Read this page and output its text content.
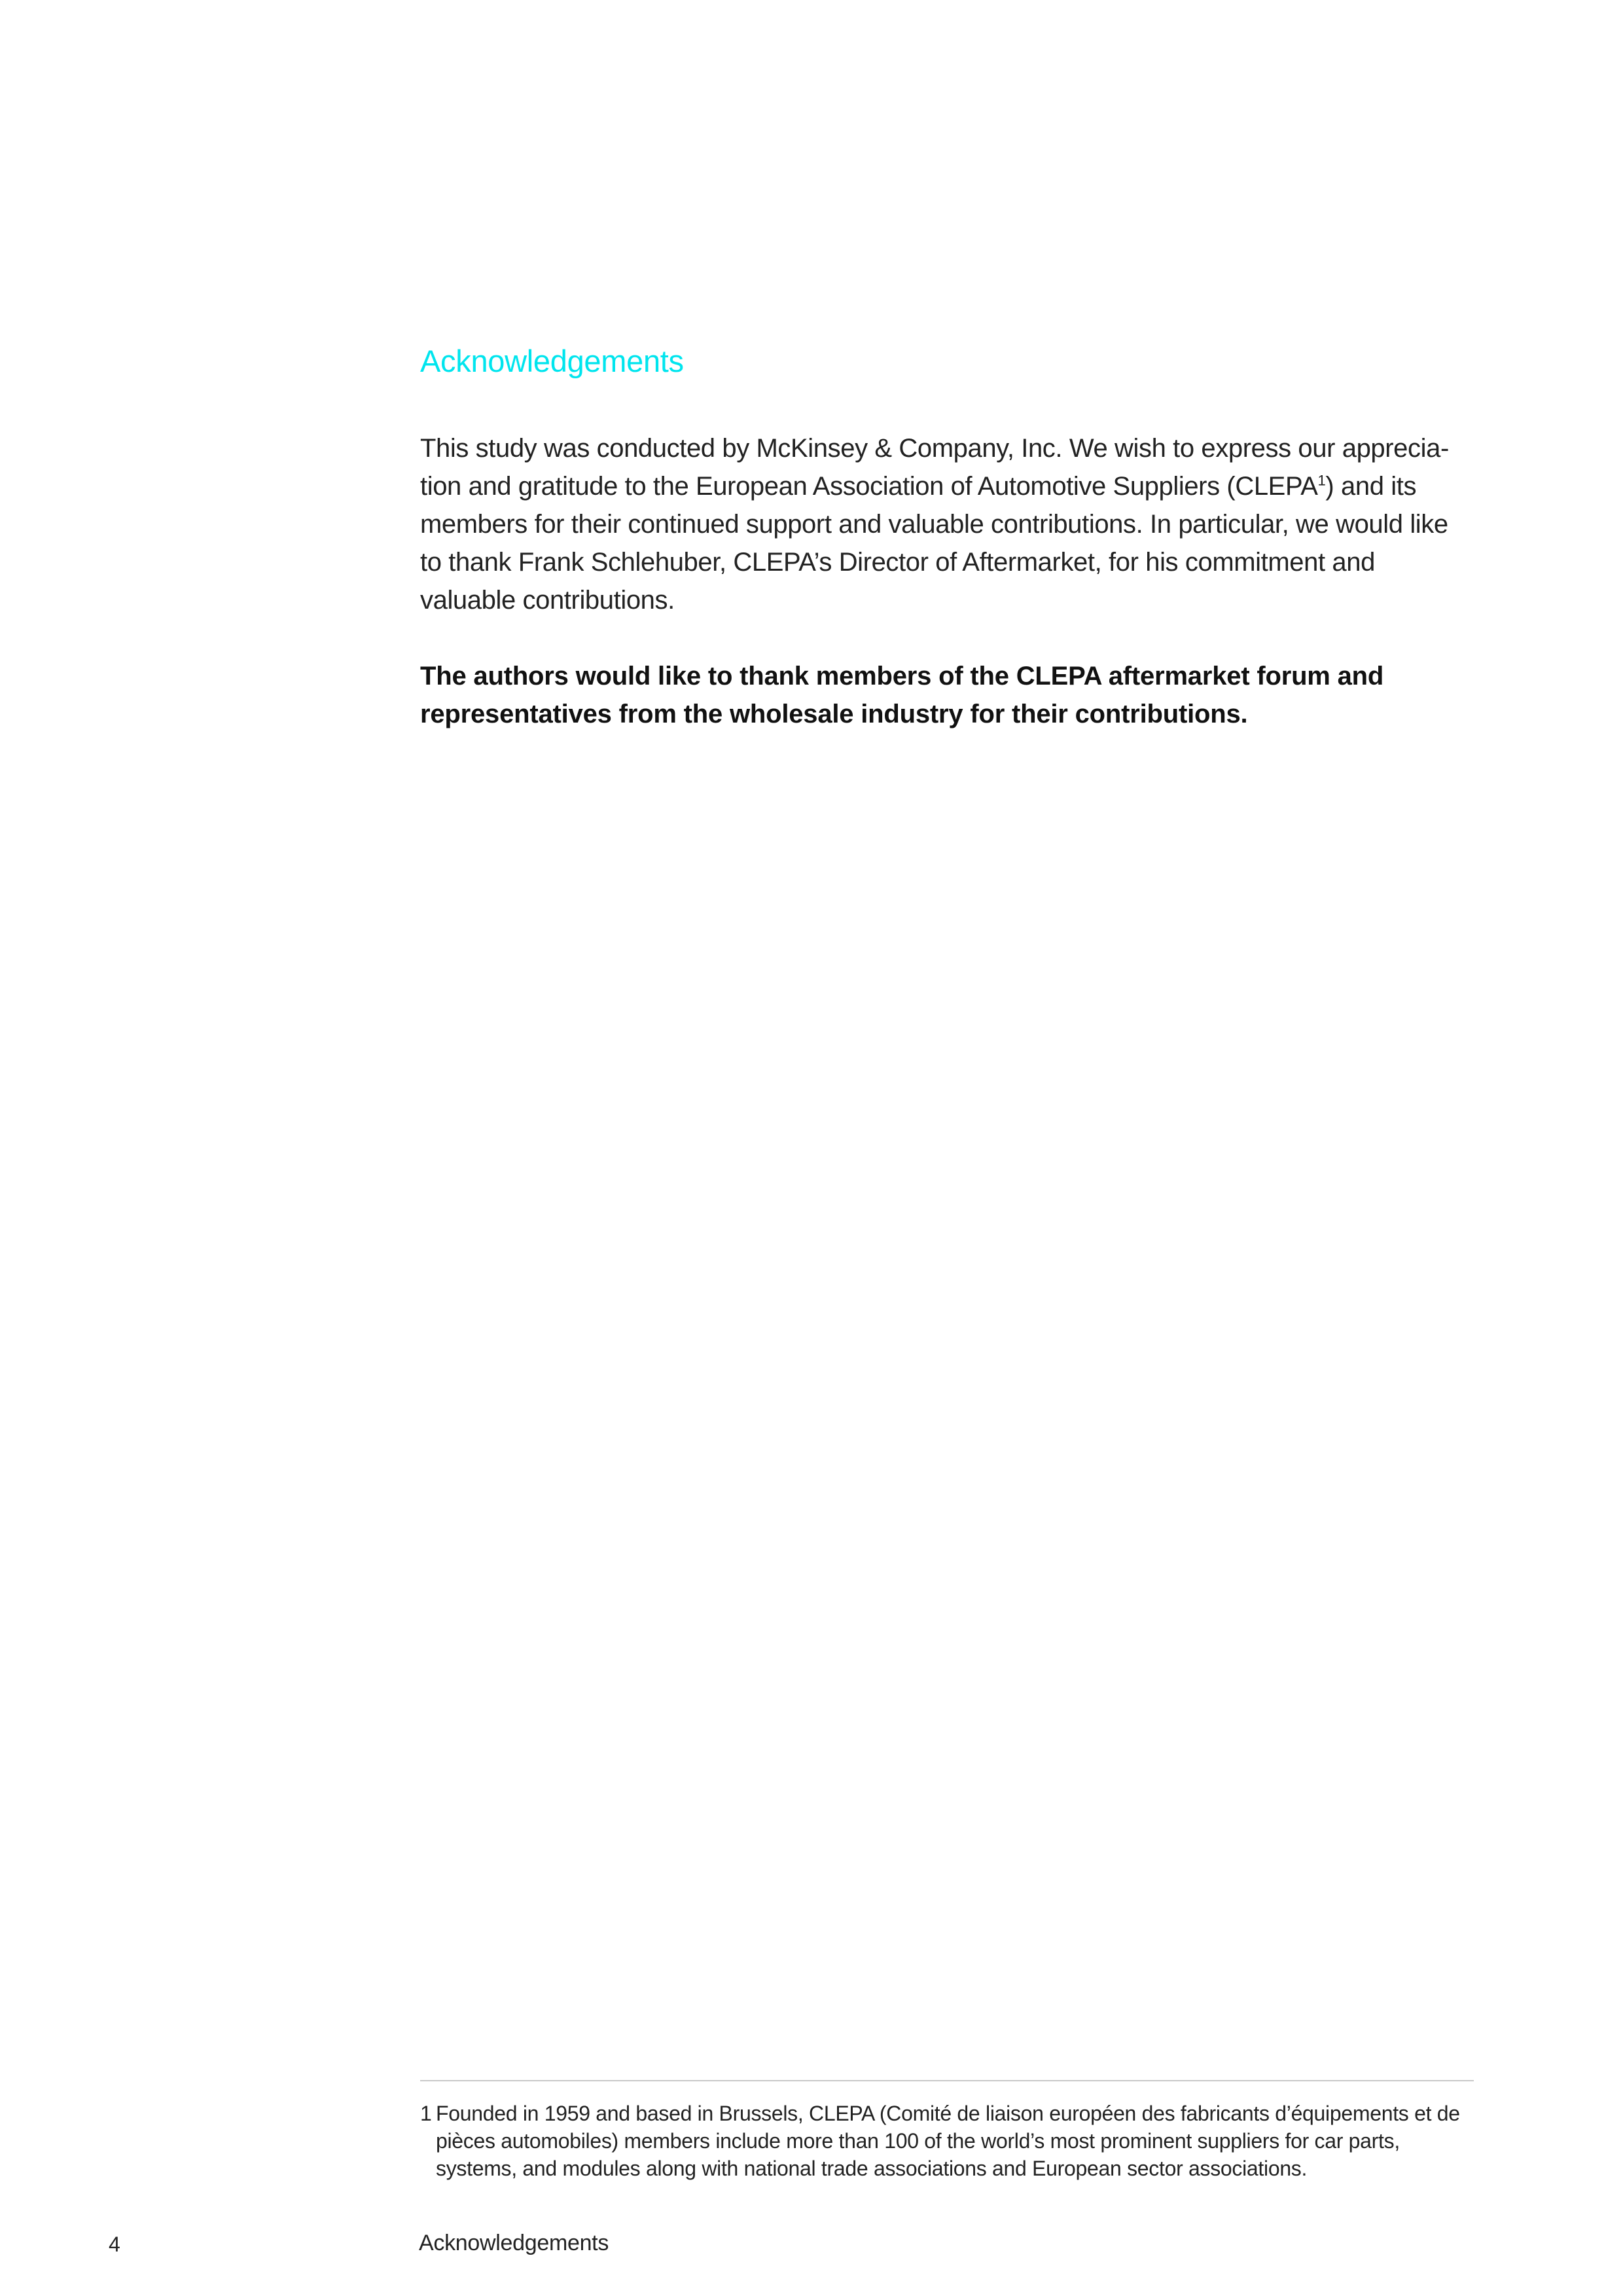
Acknowledgements

This study was conducted by McKinsey & Company, Inc. We wish to express our apprecia-tion and gratitude to the European Association of Automotive Suppliers (CLEPA$^1$) and its members for their continued support and valuable contributions. In particular, we would like to thank Frank Schlehuber, CLEPA’s Director of Aftermarket, for his commitment and valuable contributions.

The authors would like to thank members of the CLEPA aftermarket forum and representatives from the wholesale industry for their contributions.

1 Founded in 1959 and based in Brussels, CLEPA (Comité de liaison européen des fabricants d’équipements et de pièces automobiles) members include more than 100 of the world’s most prominent suppliers for car parts, systems, and modules along with national trade associations and European sector associations.
4	Acknowledgements
